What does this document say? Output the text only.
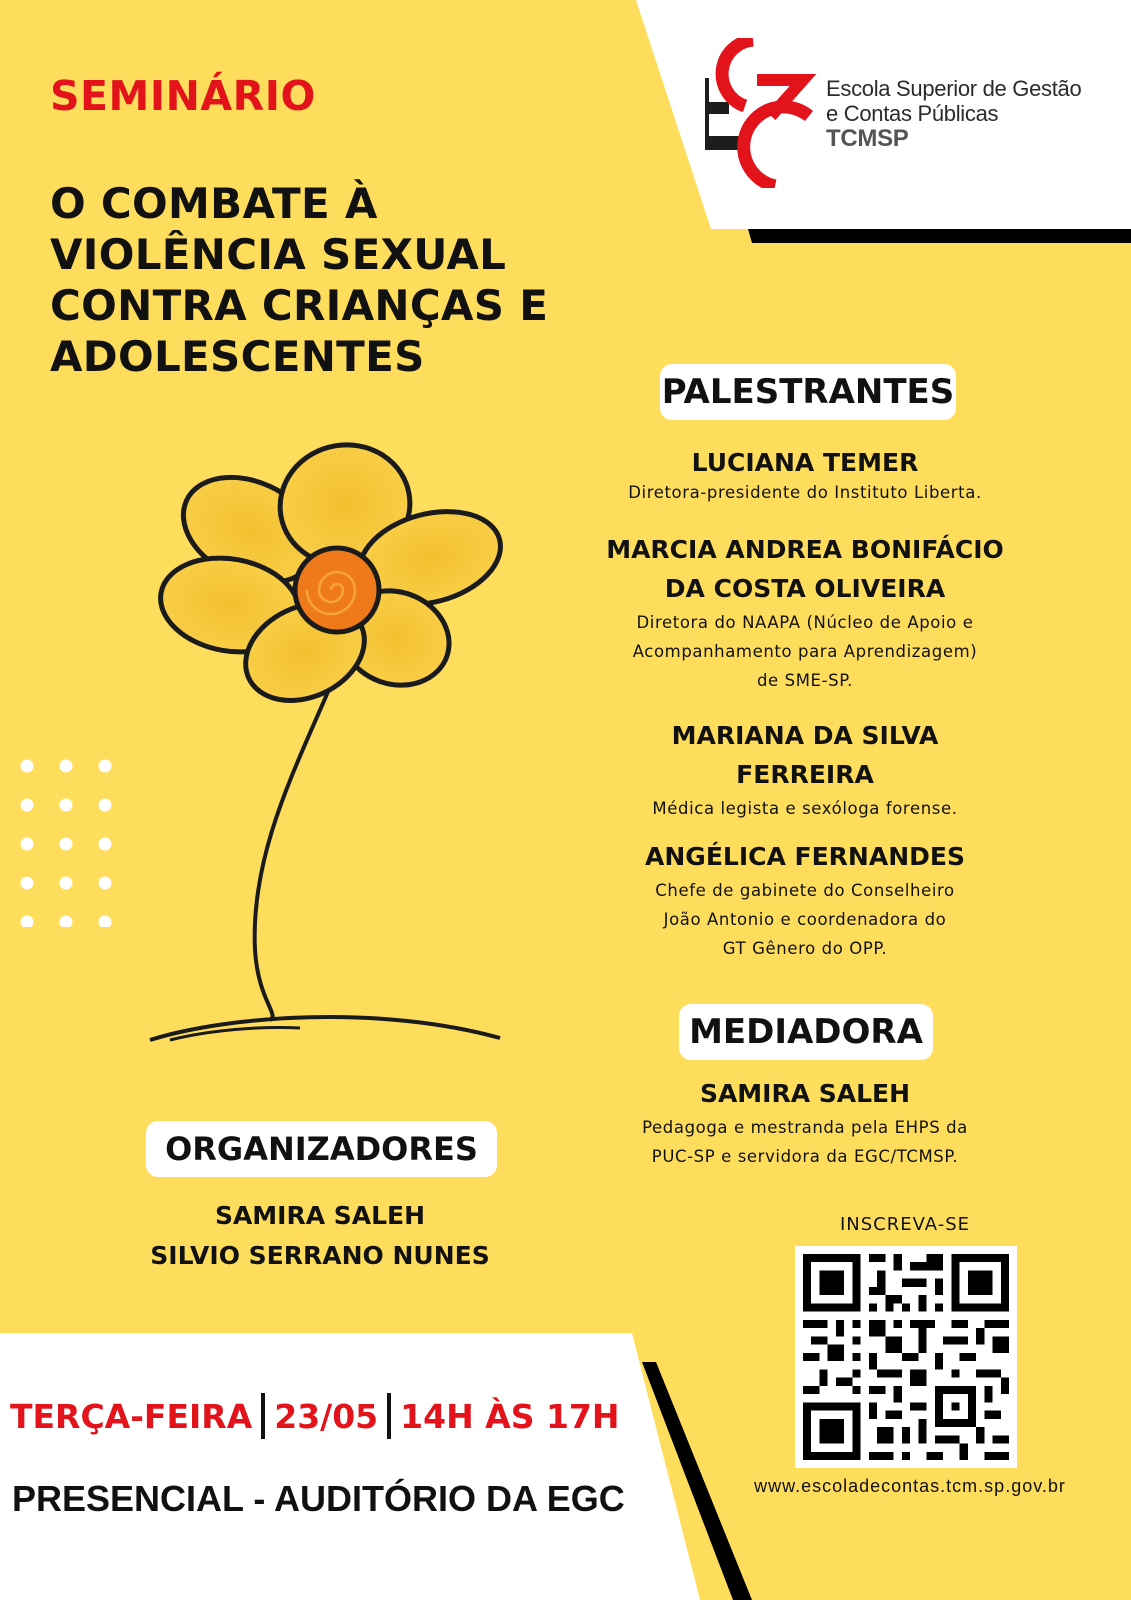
SEMINÁRIO
O COMBATE À
VIOLÊNCIA SEXUAL
CONTRA CRIANÇAS E
ADOLESCENTES
Escola Superior de Gestão
e Contas Públicas
TCMSP
PALESTRANTES
LUCIANA TEMER
Diretora-presidente do Instituto Liberta.
MARCIA ANDREA BONIFÁCIO
DA COSTA OLIVEIRA
Diretora do NAAPA (Núcleo de Apoio e
Acompanhamento para Aprendizagem)
de SME-SP.
MARIANA DA SILVA
FERREIRA
Médica legista e sexóloga forense.
ANGÉLICA FERNANDES
Chefe de gabinete do Conselheiro
João Antonio e coordenadora do
GT Gênero do OPP.
MEDIADORA
SAMIRA SALEH
Pedagoga e mestranda pela EHPS da
PUC-SP e servidora da EGC/TCMSP.
ORGANIZADORES
SAMIRA SALEH
SILVIO SERRANO NUNES
TERÇA-FEIRA 23/05 14H ÀS 17H
PRESENCIAL - AUDITÓRIO DA EGC
INSCREVA-SE
www.escoladecontas.tcm.sp.gov.br
